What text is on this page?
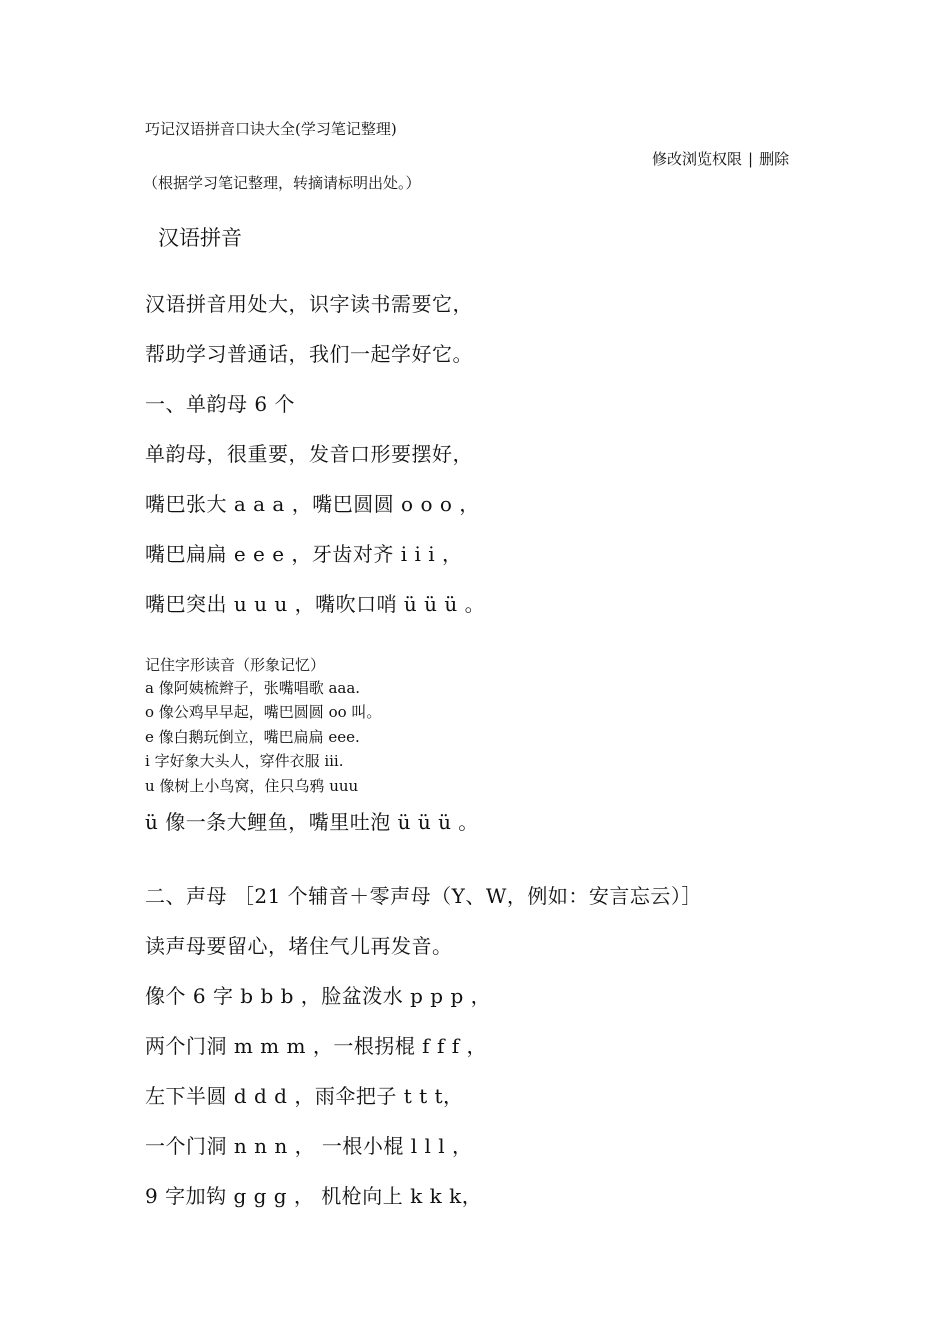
巧记汉语拼音口诀大全(学习笔记整理)
修改浏览权限 | 删除
（根据学习笔记整理，转摘请标明出处。）
汉语拼音
汉语拼音用处大，识字读书需要它，
帮助学习普通话，我们一起学好它。
一、单韵母 6 个
单韵母，很重要，发音口形要摆好，
嘴巴张大 a a a ，嘴巴圆圆 o o o ，
嘴巴扁扁 e e e ，牙齿对齐 i i i ，
嘴巴突出 u u u ，嘴吹口哨 ü ü ü 。
记住字形读音（形象记忆）
a 像阿姨梳辫子，张嘴唱歌 aaa.
o 像公鸡早早起，嘴巴圆圆 oo 叫。
e 像白鹅玩倒立，嘴巴扁扁 eee.
i 字好象大头人，穿件衣服 iii.
u 像树上小鸟窝，住只乌鸦 uuu
ü 像一条大鲤鱼，嘴里吐泡 ü ü ü 。
二、声母 ［21 个辅音＋零声母（Y、W，例如：安言忘云）］
读声母要留心，堵住气儿再发音。
像个 6 字 b b b ，脸盆泼水 p p p ，
两个门洞 m m m ，一根拐棍 f f f ，
左下半圆 d d d ，雨伞把子 t t t，
一个门洞 n n n ， 一根小棍 l l l ，
9 字加钩 g g g ， 机枪向上 k k k，
